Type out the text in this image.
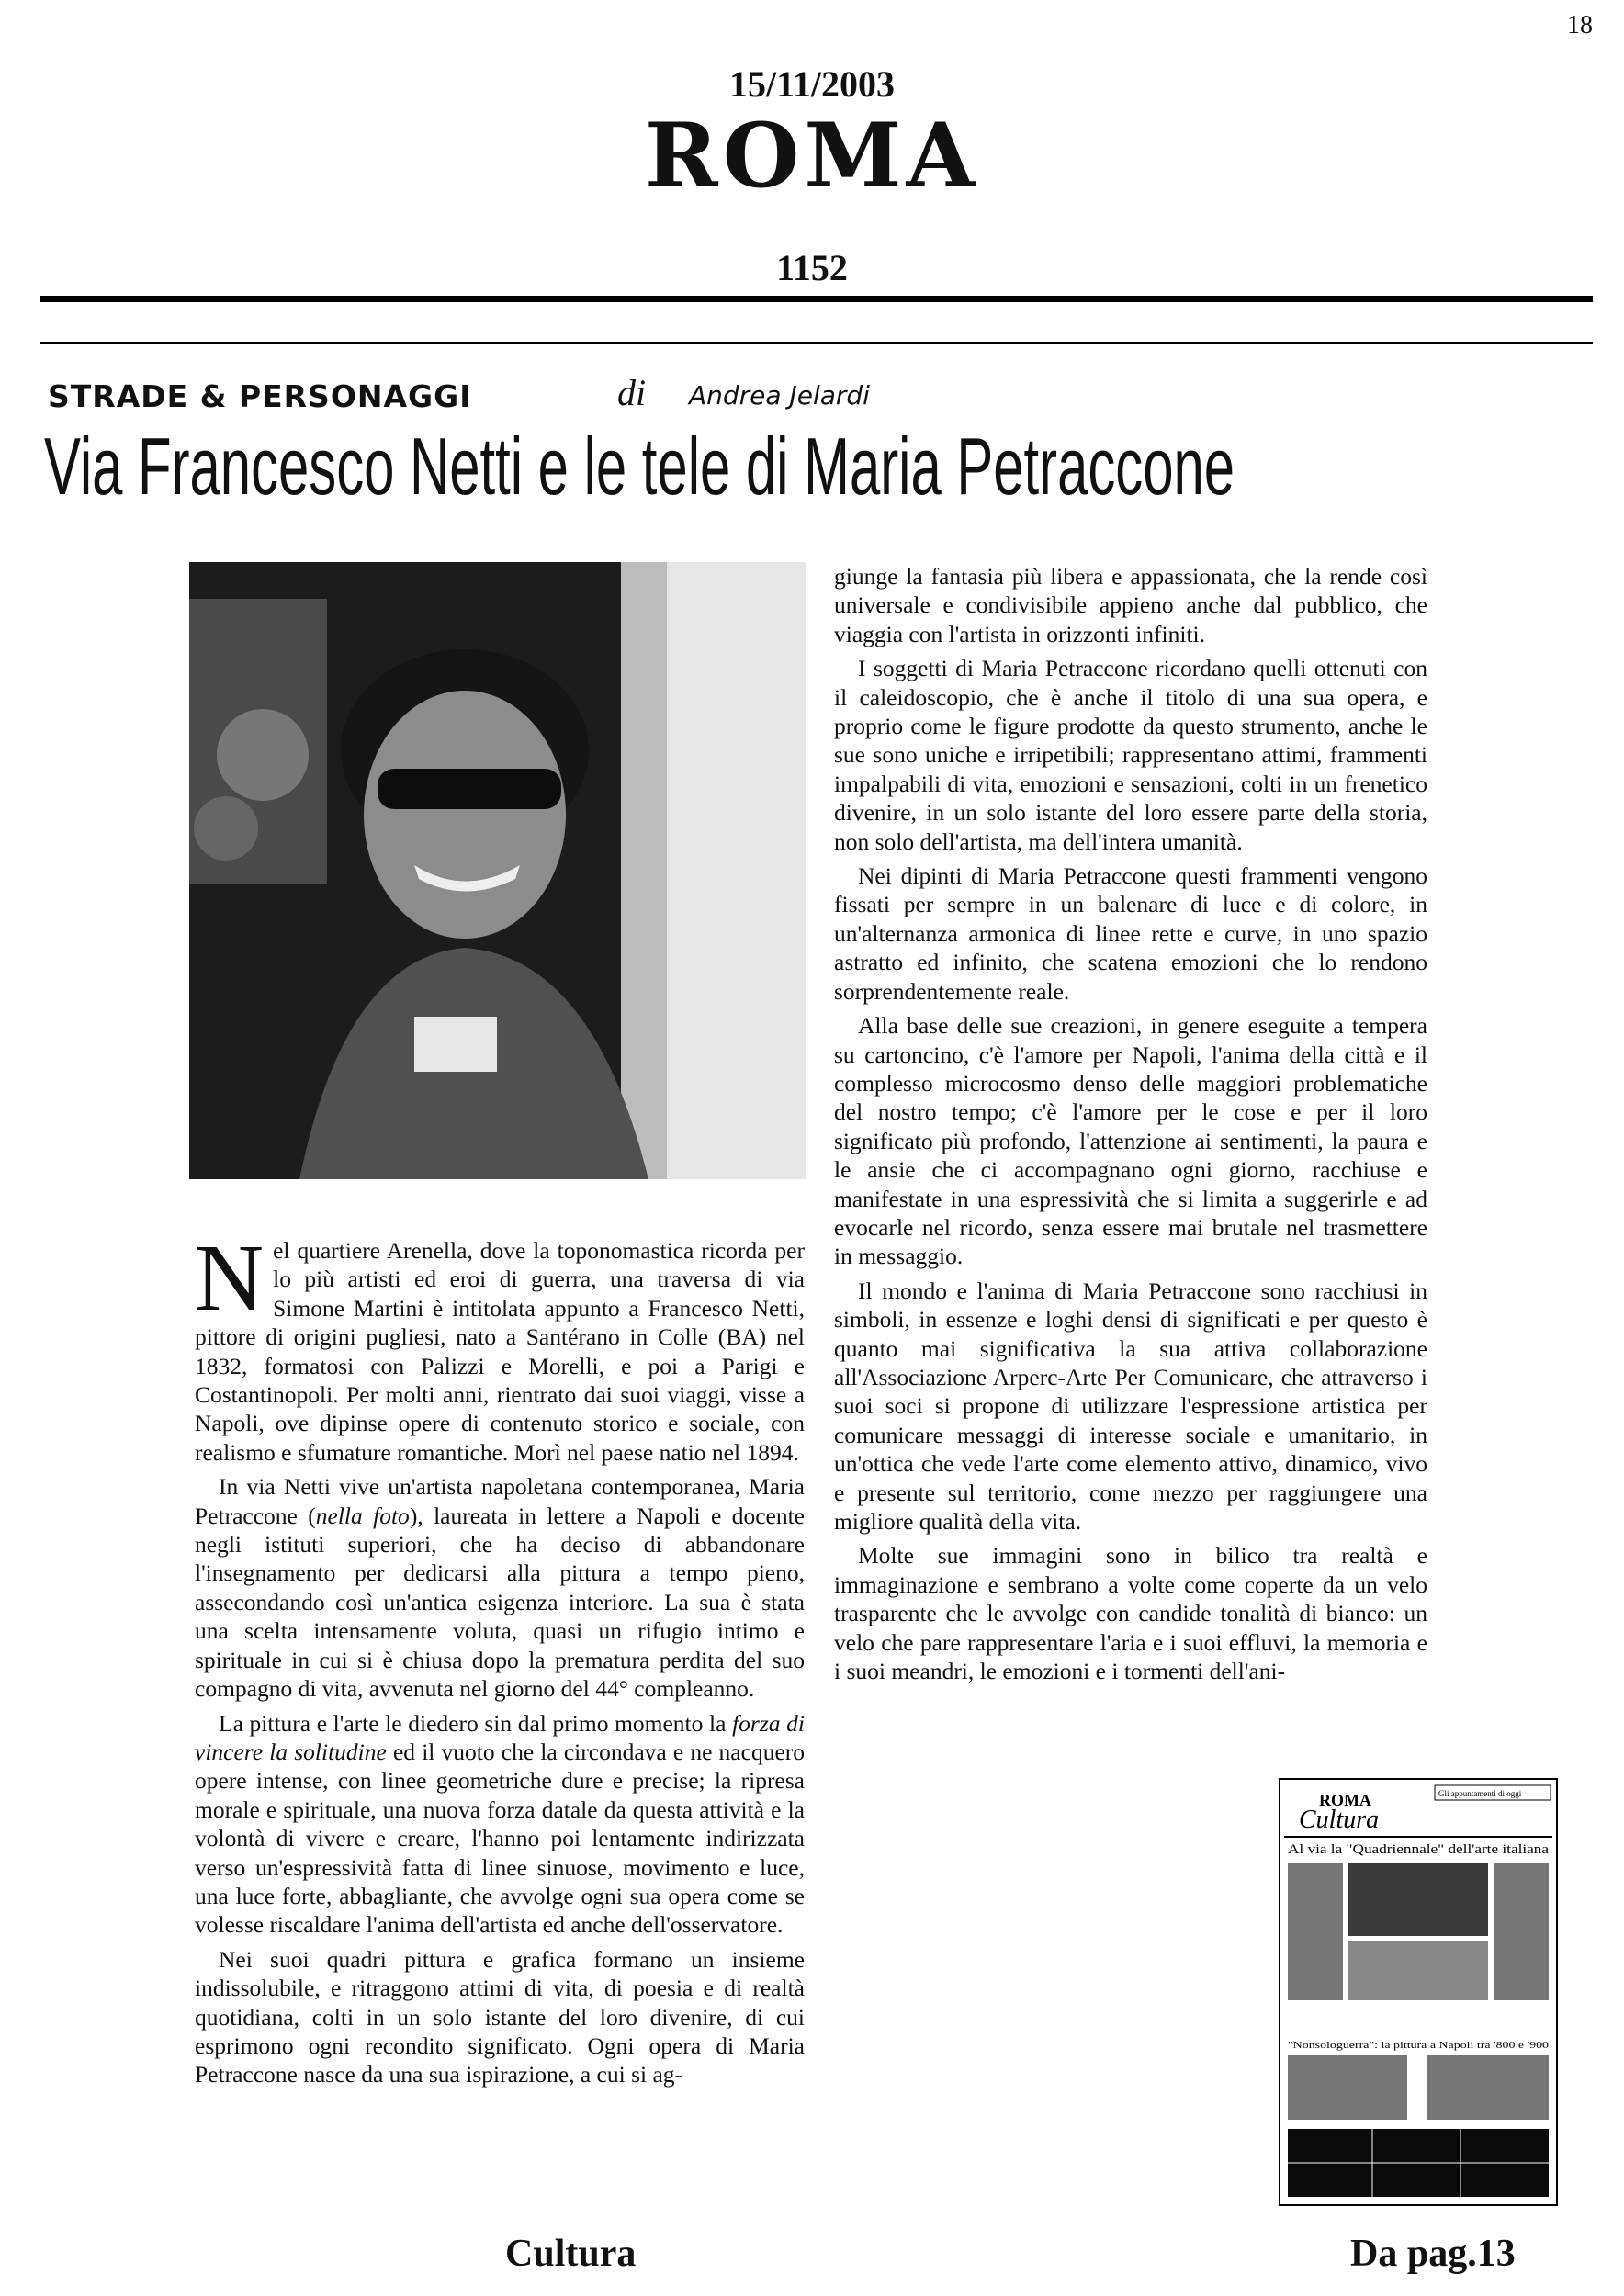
18
15/11/2003
ROMA
1152
STRADE & PERSONAGGI	di Andrea Jelardi
Via Francesco Netti e le tele di Maria Petraccone

Nel quartiere Arenella, dove la toponomastica ricorda per lo più artisti ed eroi di guerra, una traversa di via Simone Martini è intitolata appunto a Francesco Netti, pittore di origini pugliesi, nato a Santérano in Colle (BA) nel 1832, formatosi con Palizzi e Morelli, e poi a Parigi e Costantinopoli. Per molti anni, rientrato dai suoi viaggi, visse a Napoli, ove dipinse opere di contenuto storico e sociale, con realismo e sfumature romantiche. Morì nel paese natio nel 1894.

In via Netti vive un'artista napoletana contemporanea, Maria Petraccone (nella foto), laureata in lettere a Napoli e docente negli istituti superiori, che ha deciso di abbandonare l'insegnamento per dedicarsi alla pittura a tempo pieno, assecondando così un'antica esigenza interiore. La sua è stata una scelta intensamente voluta, quasi un rifugio intimo e spirituale in cui si è chiusa dopo la prematura perdita del suo compagno di vita, avvenuta nel giorno del 44° compleanno.

La pittura e l'arte le diedero sin dal primo momento la forza di vincere la solitudine ed il vuoto che la circondava e ne nacquero opere intense, con linee geometriche dure e precise; la ripresa morale e spirituale, una nuova forza datale da questa attività e la volontà di vivere e creare, l'hanno poi lentamente indirizzata verso un'espressività fatta di linee sinuose, movimento e luce, una luce forte, abbagliante, che avvolge ogni sua opera come se volesse riscaldare l'anima dell'artista ed anche dell'osservatore.

Nei suoi quadri pittura e grafica formano un insieme indissolubile, e ritraggono attimi di vita, di poesia e di realtà quotidiana, colti in un solo istante del loro divenire, di cui esprimono ogni recondito significato. Ogni opera di Maria Petraccone nasce da una sua ispirazione, a cui si ag-

giunge la fantasia più libera e appassionata, che la rende così universale e condivisibile appieno anche dal pubblico, che viaggia con l'artista in orizzonti infiniti.

I soggetti di Maria Petraccone ricordano quelli ottenuti con il caleidoscopio, che è anche il titolo di una sua opera, e proprio come le figure prodotte da questo strumento, anche le sue sono uniche e irripetibili; rappresentano attimi, frammenti impalpabili di vita, emozioni e sensazioni, colti in un frenetico divenire, in un solo istante del loro essere parte della storia, non solo dell'artista, ma dell'intera umanità.

Nei dipinti di Maria Petraccone questi frammenti vengono fissati per sempre in un balenare di luce e di colore, in un'alternanza armonica di linee rette e curve, in uno spazio astratto ed infinito, che scatena emozioni che lo rendono sorprendentemente reale.

Alla base delle sue creazioni, in genere eseguite a tempera su cartoncino, c'è l'amore per Napoli, l'anima della città e il complesso microcosmo denso delle maggiori problematiche del nostro tempo; c'è l'amore per le cose e per il loro significato più profondo, l'attenzione ai sentimenti, la paura e le ansie che ci accompagnano ogni giorno, racchiuse e manifestate in una espressività che si limita a suggerirle e ad evocarle nel ricordo, senza essere mai brutale nel trasmettere in messaggio.

Il mondo e l'anima di Maria Petraccone sono racchiusi in simboli, in essenze e loghi densi di significati e per questo è quanto mai significativa la sua attiva collaborazione all'Associazione Arperc-Arte Per Comunicare, che attraverso i suoi soci si propone di utilizzare l'espressione artistica per comunicare messaggi di interesse sociale e umanitario, in un'ottica che vede l'arte come elemento attivo, dinamico, vivo e presente sul territorio, come mezzo per raggiungere una migliore qualità della vita.

Molte sue immagini sono in bilico tra realtà e immaginazione e sembrano a volte come coperte da un velo trasparente che le avvolge con candide tonalità di bianco: un velo che pare rappresentare l'aria e i suoi effluvi, la memoria e i suoi meandri, le emozioni e i tormenti dell'ani-

Cultura	Da pag.13
ROMA
Cultura
Gli appuntamenti di oggi
Al via la "Quadriennale" dell'arte italiana
"Nonsologuerra": la pittura a Napoli tra '800 e '900
